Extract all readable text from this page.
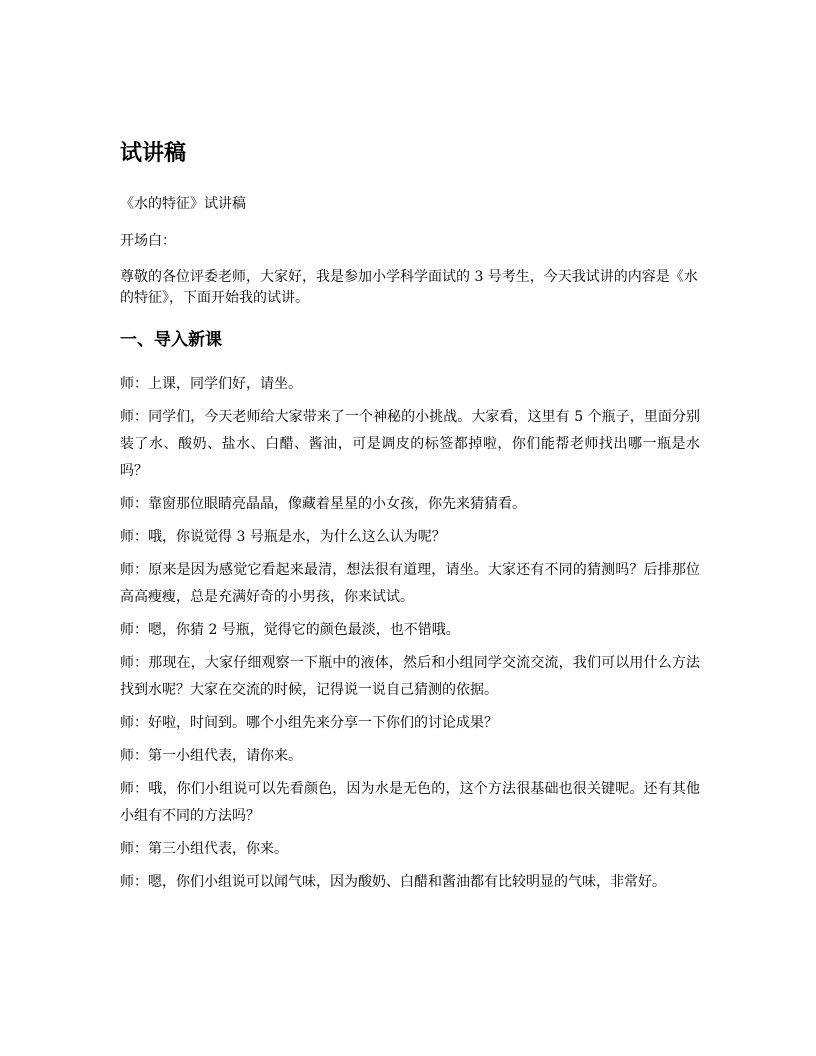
试讲稿

《水的特征》试讲稿

开场白：

尊敬的各位评委老师，大家好，我是参加小学科学面试的 3 号考生，今天我试讲的内容是《水的特征》，下面开始我的试讲。

一、导入新课
师：上课，同学们好，请坐。
师：同学们，今天老师给大家带来了一个神秘的小挑战。大家看，这里有 5 个瓶子，里面分别装了水、酸奶、盐水、白醋、酱油，可是调皮的标签都掉啦，你们能帮老师找出哪一瓶是水吗？
师：靠窗那位眼睛亮晶晶，像藏着星星的小女孩，你先来猜猜看。
师：哦，你说觉得 3 号瓶是水，为什么这么认为呢？
师：原来是因为感觉它看起来最清，想法很有道理，请坐。大家还有不同的猜测吗？后排那位高高瘦瘦，总是充满好奇的小男孩，你来试试。
师：嗯，你猜 2 号瓶，觉得它的颜色最淡，也不错哦。
师：那现在，大家仔细观察一下瓶中的液体，然后和小组同学交流交流，我们可以用什么方法找到水呢？大家在交流的时候，记得说一说自己猜测的依据。
师：好啦，时间到。哪个小组先来分享一下你们的讨论成果？
师：第一小组代表，请你来。
师：哦，你们小组说可以先看颜色，因为水是无色的，这个方法很基础也很关键呢。还有其他小组有不同的方法吗？
师：第三小组代表，你来。
师：嗯，你们小组说可以闻气味，因为酸奶、白醋和酱油都有比较明显的气味，非常好。
